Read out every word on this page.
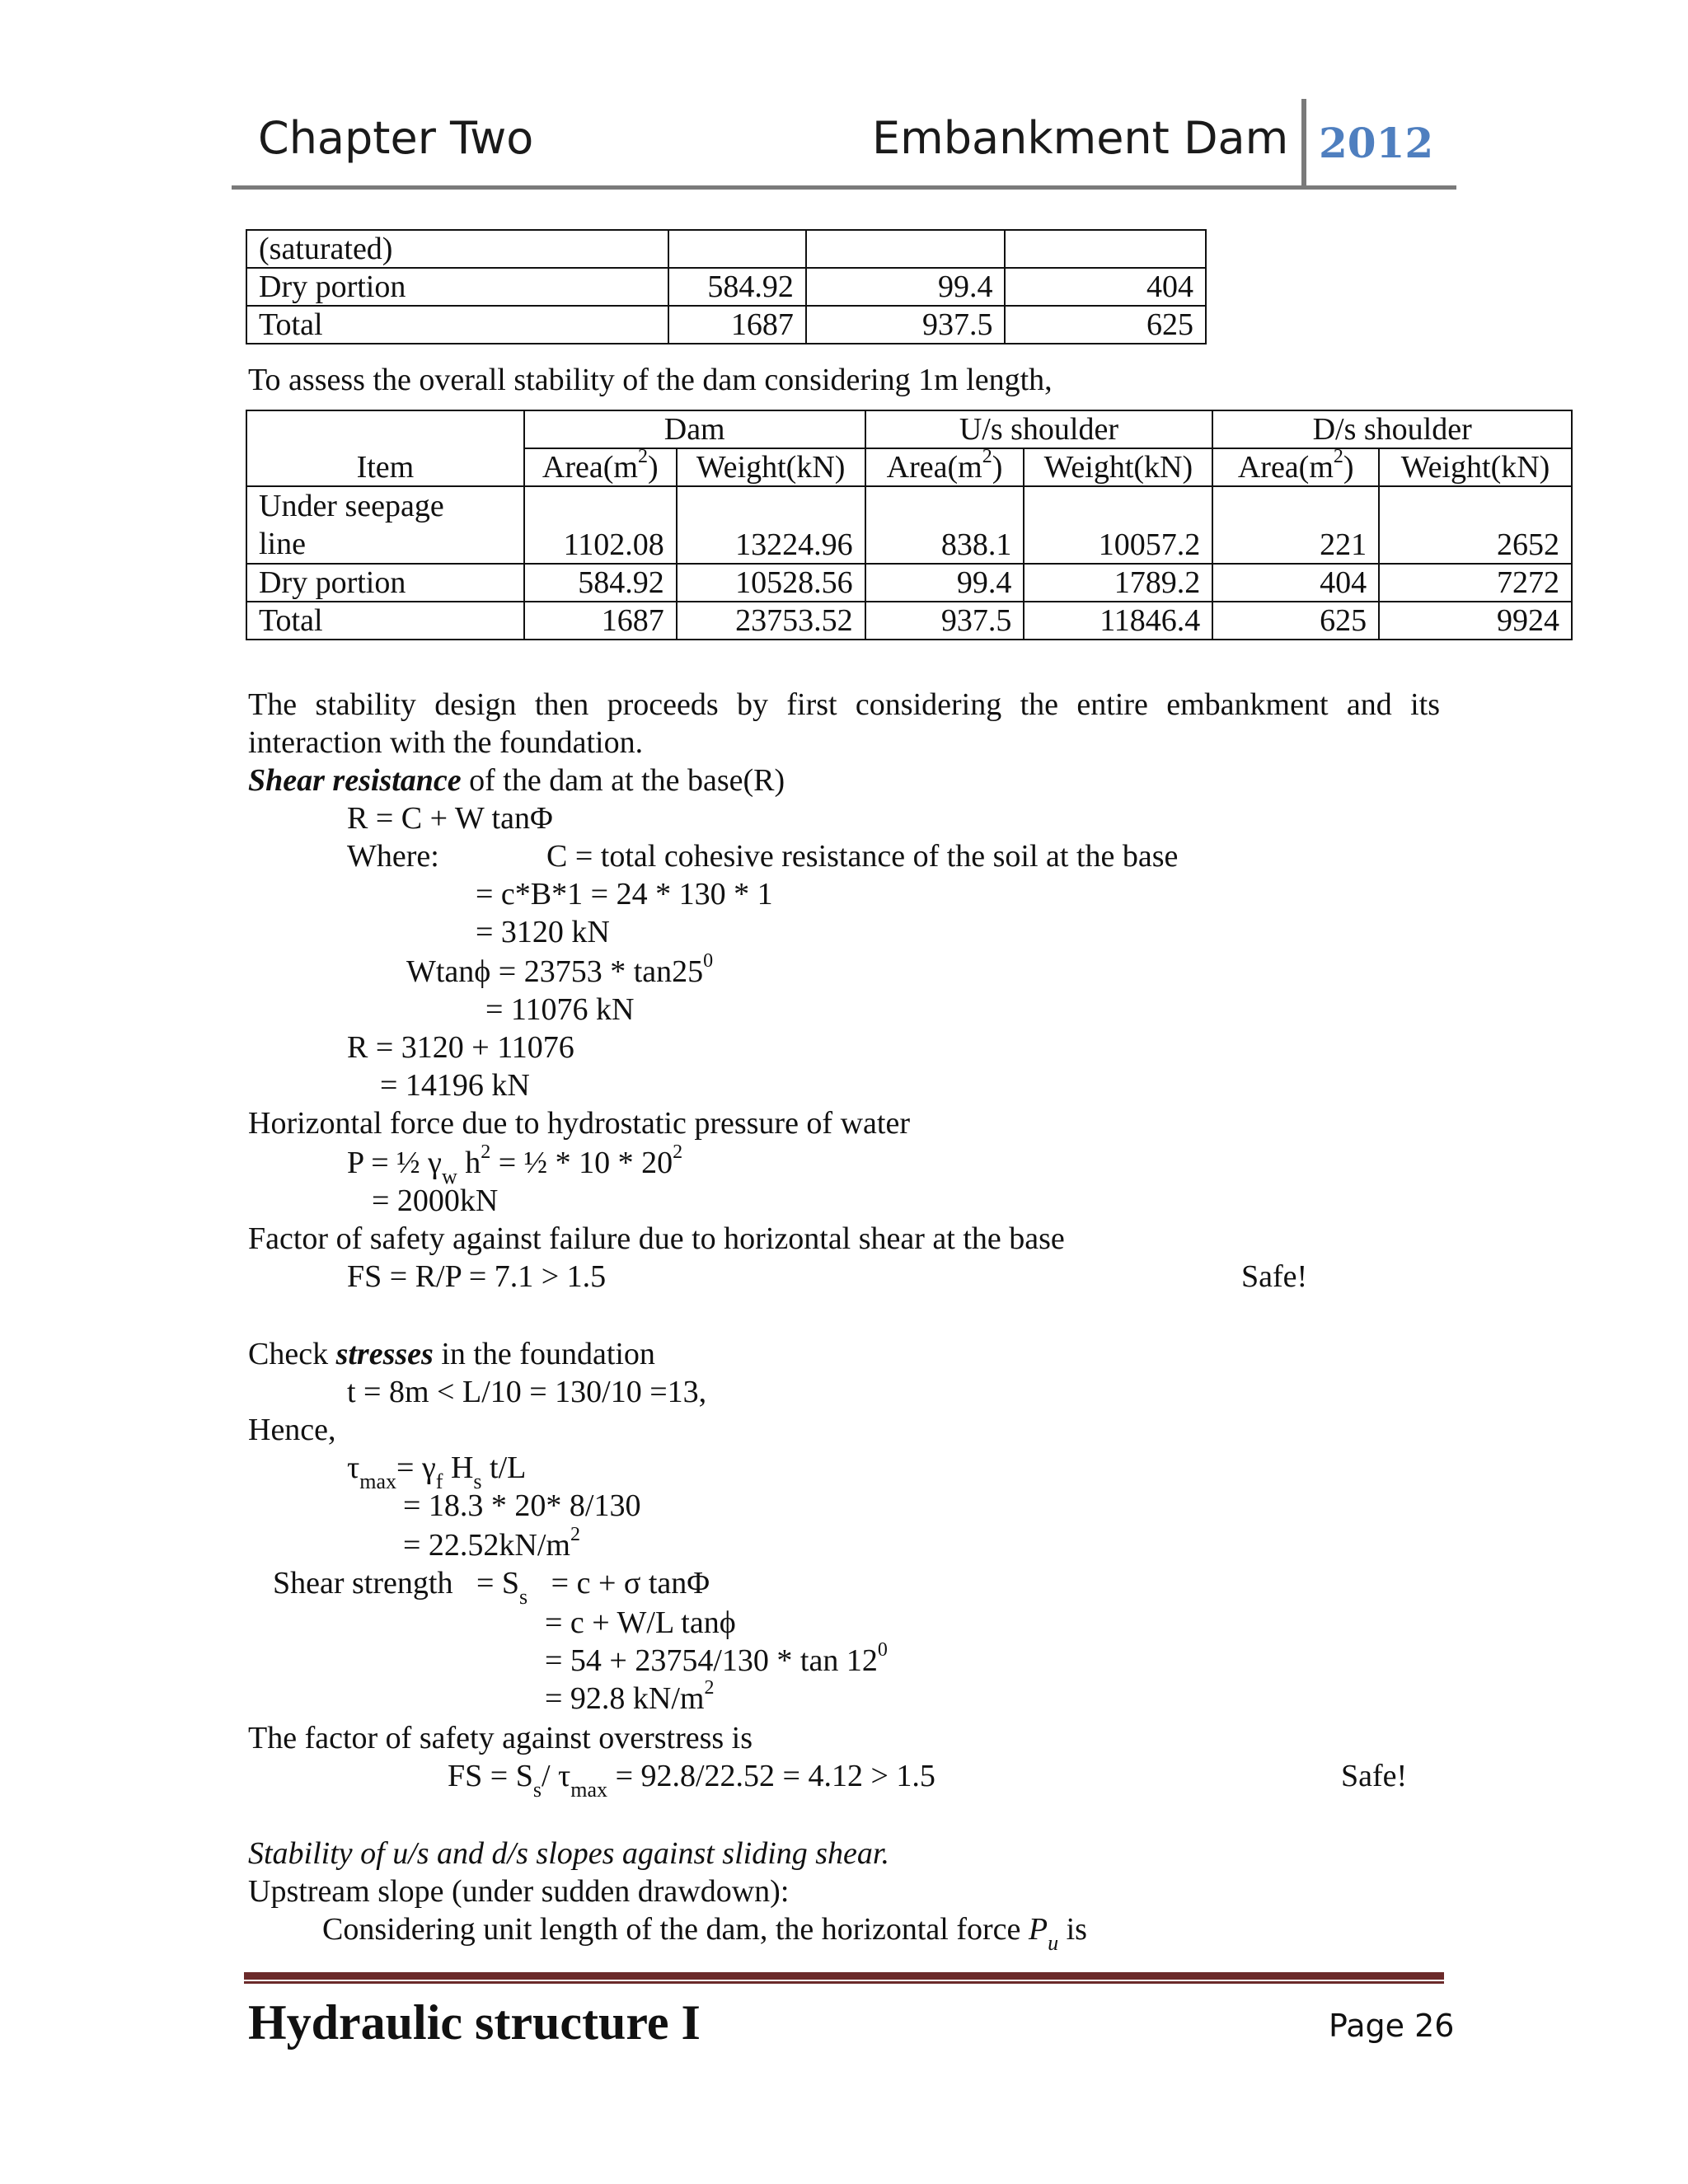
Chapter Two	Embankment Dam 2012
(saturated)			
Dry portion	584.92	99.4	404
Total	1687	937.5	625
To assess the overall stability of the dam considering 1m length,
Item	Dam		U/s shoulder		D/s shoulder	
	$Area(m^2)$	Weight(kN)	$Area(m^2)$	Weight(kN)	$Area(m^2)$	Weight(kN)

Under seepage
line	1102.08	13224.96	838.1	10057.2	221	2652
Dry portion	584.92	10528.56	99.4	1789.2	404	7272
Total	1687	23753.52	937.5	11846.4	625	9924
The stability design then proceeds by first considering the entire embankment and its
interaction with the foundation.
Shear resistance of the dam at the base(R)
R = C + W tanΦ
Where:	C = total cohesive resistance of the soil at the base
= c*B*1 = 24 * 130 * 1
= 3120 kN
$Wtan\phi = 23753 * \tan 25^0$
= 11076 kN
R = 3120 + 11076
= 14196 kN
Horizontal force due to hydrostatic pressure of water
P = ½ $\gamma_w$ $h^2$ = ½ * $10 * 20^2$
= 2000kN
Factor of safety against failure due to horizontal shear at the base
FS = R/P = 7.1 > 1.5	Safe!
Check stresses in the foundation
t = 8m < L/10 = 130/10 =13,
Hence,
$\tau_{max}= \gamma_f$ $H_s$ t/L
= 18.3 * 20* 8/130
= $22.52kN/m^2$
Shear strength   = $S_s = c + \sigma$ tanΦ
= c + W/L tanϕ
= $54 + 23754/130 * \tan 12^0$
= 92.8 $kN/m^2$
The factor of safety against overstress is
FS = $S_s/$ $\tau_{max} = 92.8/22.52 = 4.12 > 1.5$	Safe!
Stability of u/s and d/s slopes against sliding shear.
Upstream slope (under sudden drawdown):
Considering unit length of the dam, the horizontal force $P_u$ is
Hydraulic structure I	Page 26
